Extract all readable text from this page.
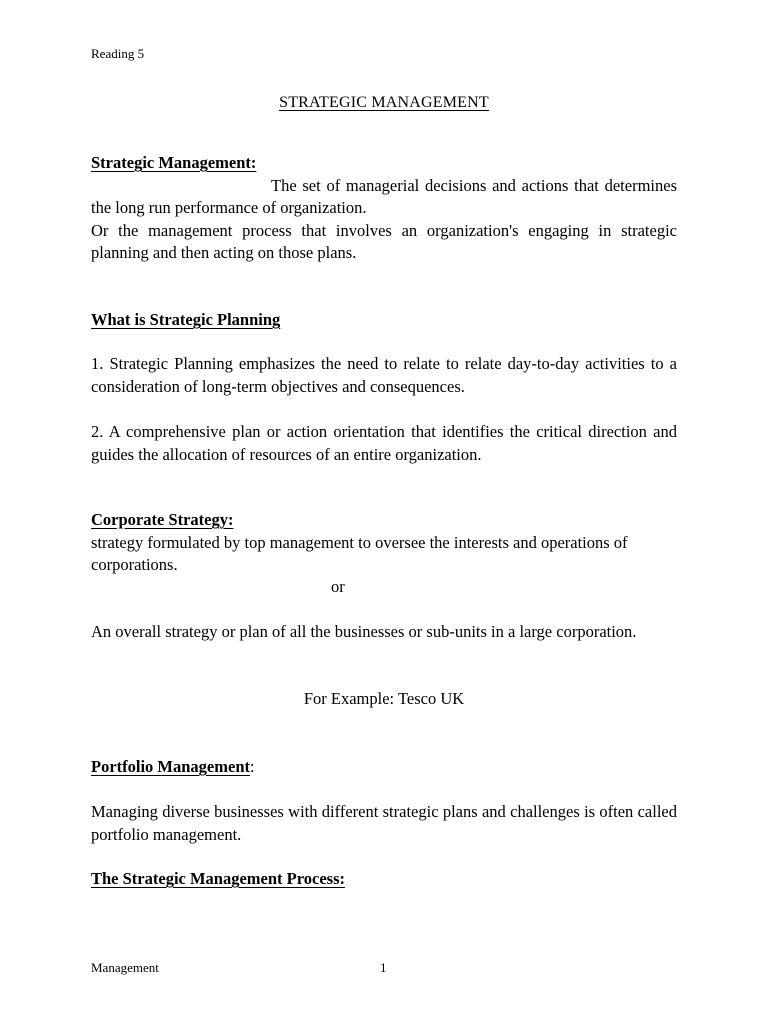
Reading 5
STRATEGIC MANAGEMENT

Strategic Management:

The set of managerial decisions and actions that determines the long run performance of organization.

Or the management process that involves an organization's engaging in strategic planning and then acting on those plans.

What is Strategic Planning

1. Strategic Planning emphasizes the need to relate to relate day-to-day activities to a consideration of long-term objectives and consequences.
2. A comprehensive plan or action orientation that identifies the critical direction and guides the allocation of resources of an entire organization.

Corporate Strategy:

strategy formulated by top management to oversee the interests and operations of corporations.

or
An overall strategy or plan of all the businesses or sub-units in a large corporation.
For Example: Tesco UK

Portfolio Management:

Managing diverse businesses with different strategic plans and challenges is often called portfolio management.

The Strategic Management Process:

Management	1
